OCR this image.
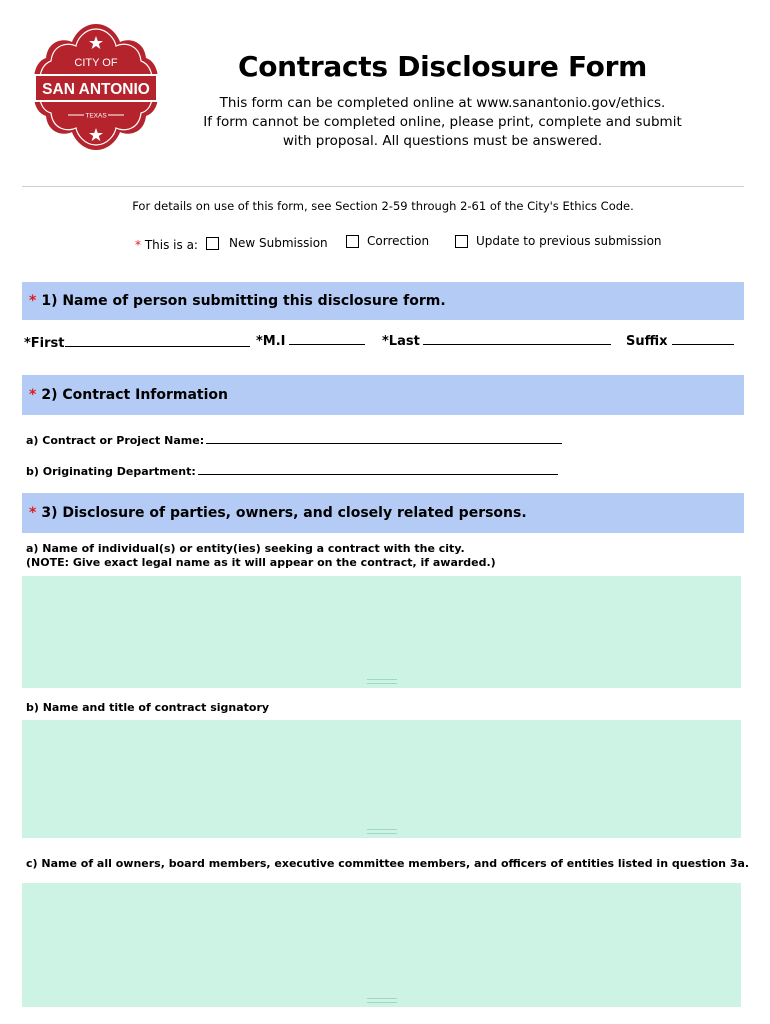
CITY OF
SAN ANTONIO
TEXAS
Contracts Disclosure Form
This form can be completed online at www.sanantonio.gov/ethics.
If form cannot be completed online, please print, complete and submit
with proposal. All questions must be answered.
For details on use of this form, see Section 2-59 through 2-61 of the City's Ethics Code.
* This is a:	New Submission	Correction	Update to previous submission
* 1) Name of person submitting this disclosure form.
*First	*M.I	*Last	Suffix
* 2) Contract Information
a) Contract or Project Name:
b) Originating Department:
* 3) Disclosure of parties, owners, and closely related persons.
a) Name of individual(s) or entity(ies) seeking a contract with the city.
(NOTE: Give exact legal name as it will appear on the contract, if awarded.)
b) Name and title of contract signatory
c) Name of all owners, board members, executive committee members, and officers of entities listed in question 3a.
